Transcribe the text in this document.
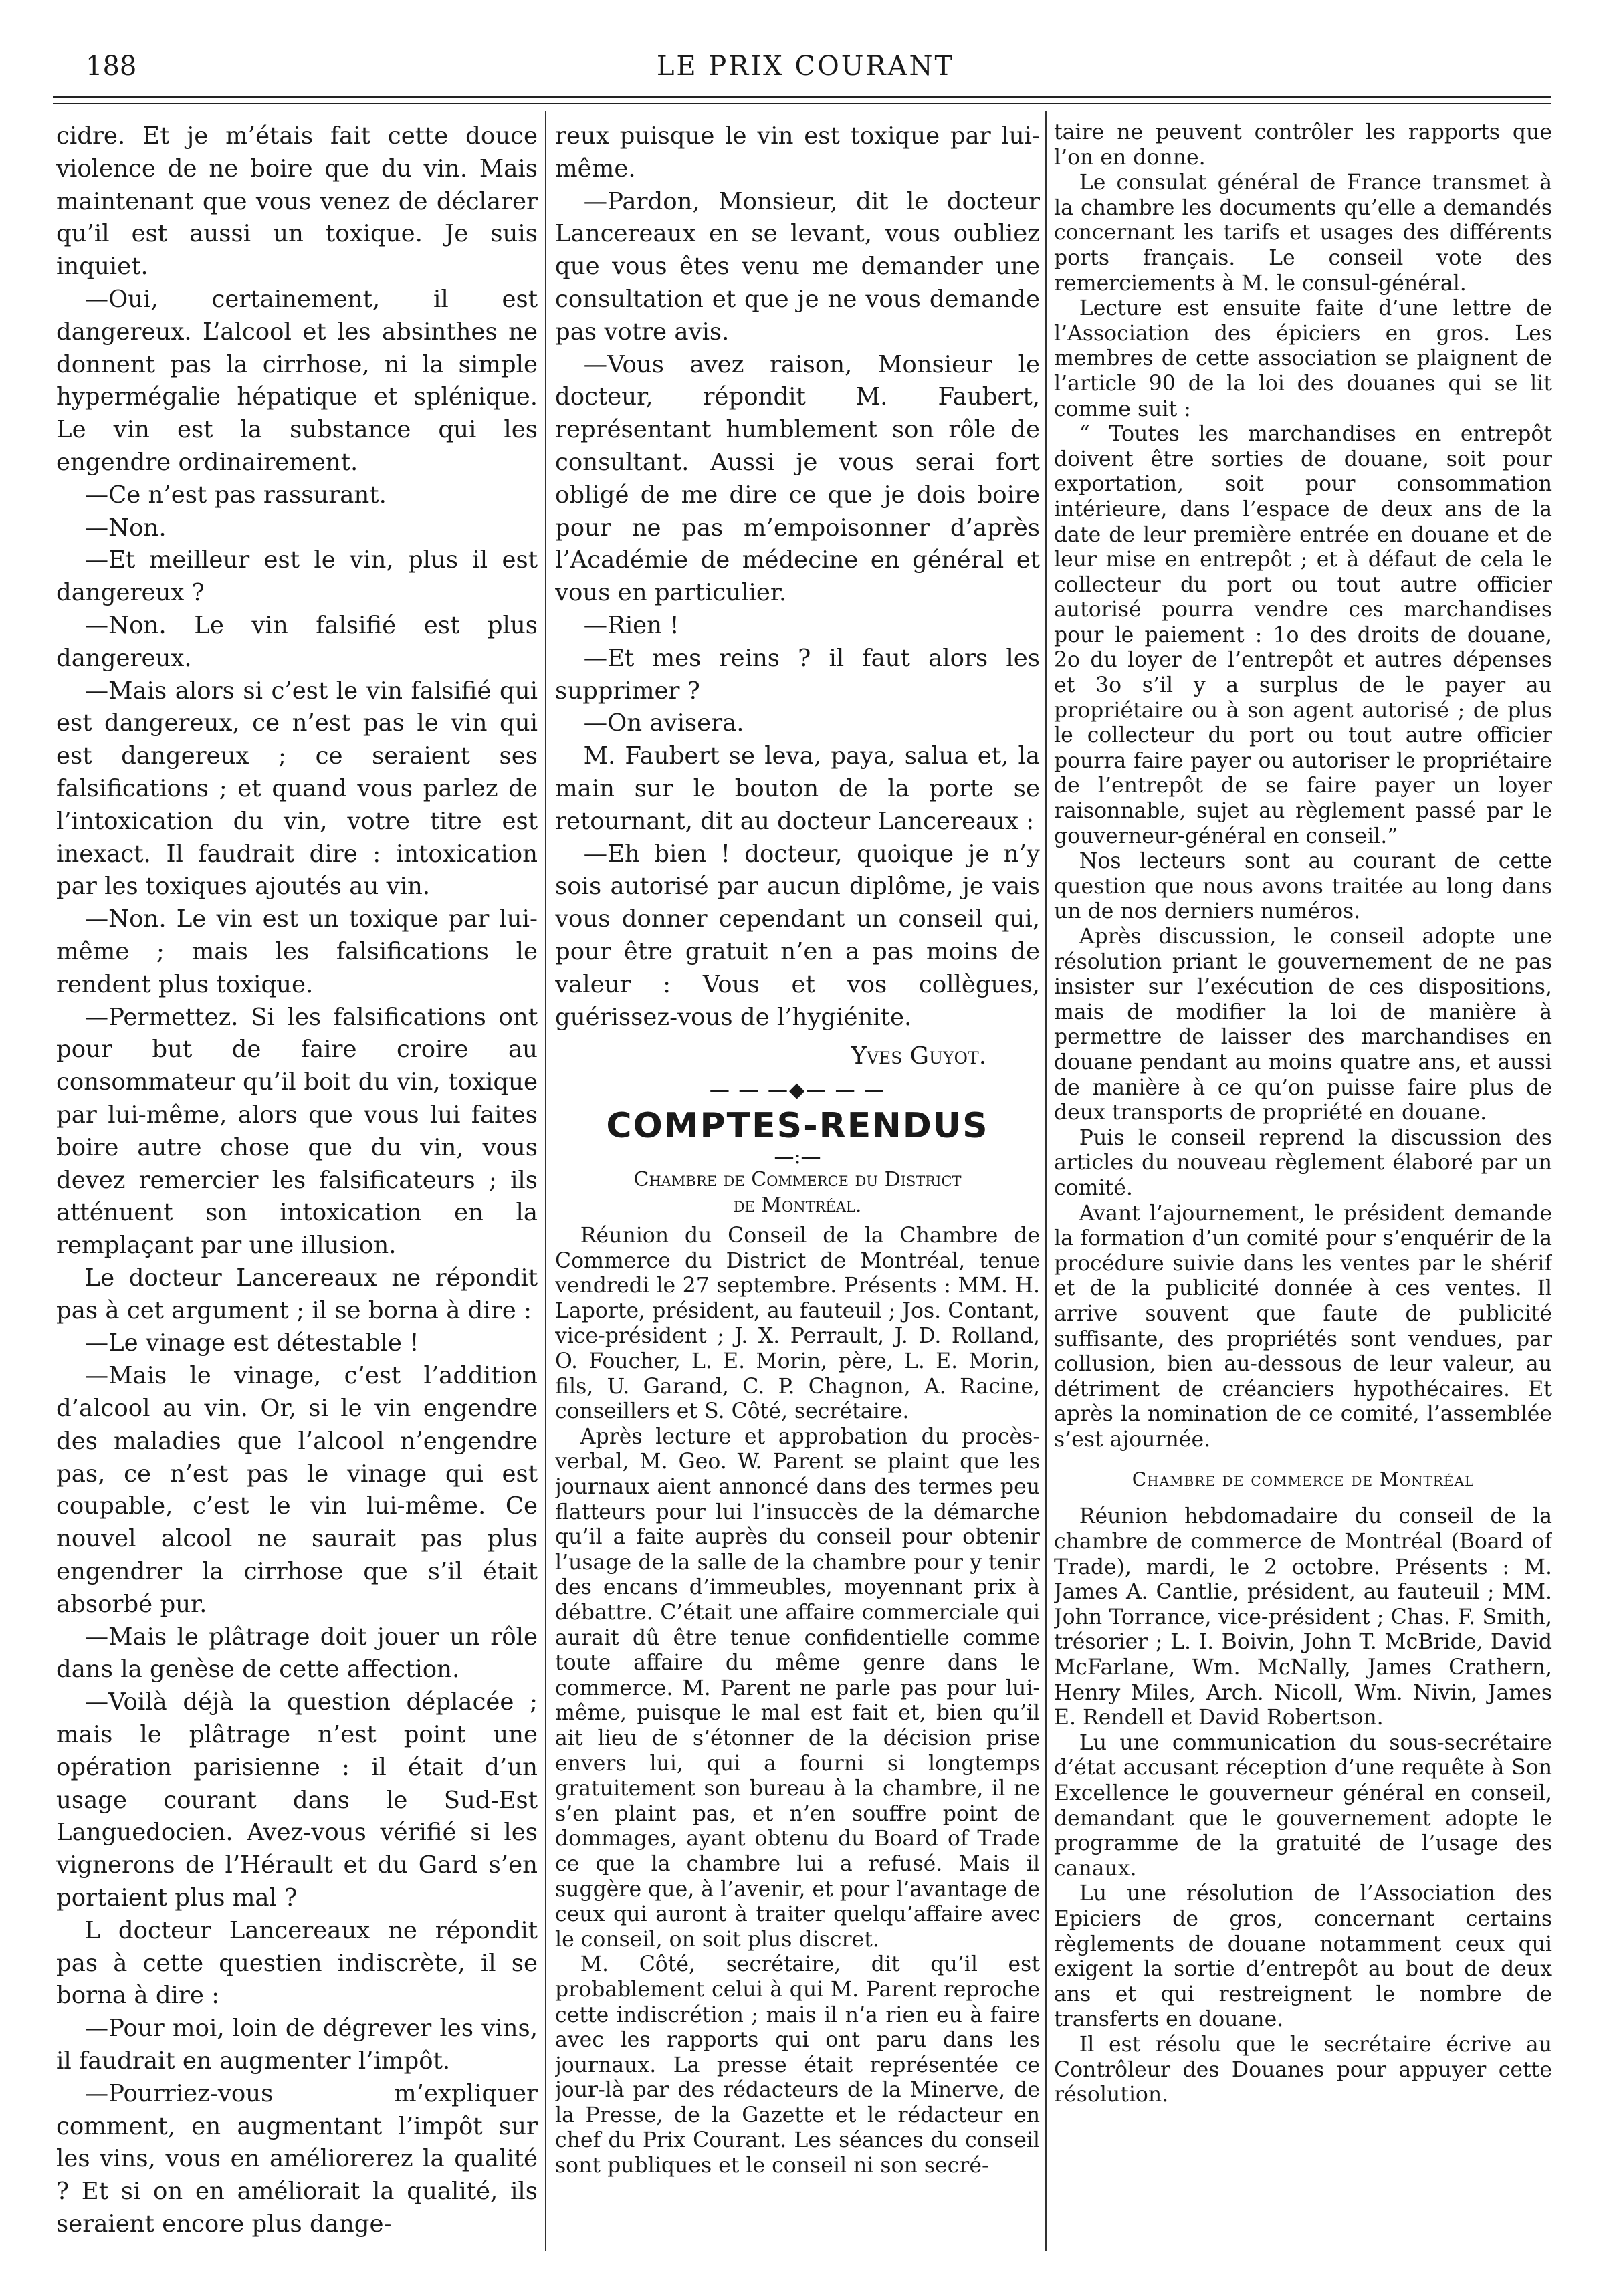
188	LE PRIX COURANT

cidre. Et je m’étais fait cette douce violence de ne boire que du vin. Mais maintenant que vous venez de déclarer qu’il est aussi un toxique. Je suis inquiet.

—Oui, certainement, il est dangereux. L’alcool et les absinthes ne donnent pas la cirrhose, ni la simple hypermégalie hépatique et splénique. Le vin est la substance qui les engendre ordinairement.

—Ce n’est pas rassurant.

—Non.

—Et meilleur est le vin, plus il est dangereux ?

—Non. Le vin falsifié est plus dangereux.

—Mais alors si c’est le vin falsifié qui est dangereux, ce n’est pas le vin qui est dangereux ; ce seraient ses falsifications ; et quand vous parlez de l’intoxication du vin, votre titre est inexact. Il faudrait dire : intoxication par les toxiques ajoutés au vin.

—Non. Le vin est un toxique par lui-même ; mais les falsifications le rendent plus toxique.

—Permettez. Si les falsifications ont pour but de faire croire au consommateur qu’il boit du vin, toxique par lui-même, alors que vous lui faites boire autre chose que du vin, vous devez remercier les falsificateurs ; ils atténuent son intoxication en la remplaçant par une illusion.

Le docteur Lancereaux ne répondit pas à cet argument ; il se borna à dire :

—Le vinage est détestable !

—Mais le vinage, c’est l’addition d’alcool au vin. Or, si le vin engendre des maladies que l’alcool n’engendre pas, ce n’est pas le vinage qui est coupable, c’est le vin lui-même. Ce nouvel alcool ne saurait pas plus engendrer la cirrhose que s’il était absorbé pur.

—Mais le plâtrage doit jouer un rôle dans la genèse de cette affection.

—Voilà déjà la question déplacée ; mais le plâtrage n’est point une opération parisienne : il était d’un usage courant dans le Sud-Est Languedocien. Avez-vous vérifié si les vignerons de l’Hérault et du Gard s’en portaient plus mal ?

L docteur Lancereaux ne répondit pas à cette questien indiscrète, il se borna à dire :

—Pour moi, loin de dégrever les vins, il faudrait en augmenter l’impôt.

—Pourriez-vous m’expliquer comment, en augmentant l’impôt sur les vins, vous en améliorerez la qualité ? Et si on en améliorait la qualité, ils seraient encore plus dange-

reux puisque le vin est toxique par lui-même.

—Pardon, Monsieur, dit le docteur Lancereaux en se levant, vous oubliez que vous êtes venu me demander une consultation et que je ne vous demande pas votre avis.

—Vous avez raison, Monsieur le docteur, répondit M. Faubert, représentant humblement son rôle de consultant. Aussi je vous serai fort obligé de me dire ce que je dois boire pour ne pas m’empoisonner d’après l’Académie de médecine en général et vous en particulier.

—Rien !

—Et mes reins ? il faut alors les supprimer ?

—On avisera.

M. Faubert se leva, paya, salua et, la main sur le bouton de la porte se retournant, dit au docteur Lancereaux :

—Eh bien ! docteur, quoique je n’y sois autorisé par aucun diplôme, je vais vous donner cependant un conseil qui, pour être gratuit n’en a pas moins de valeur : Vous et vos collègues, guérissez-vous de l’hygiénite.

Yves Guyot.
— — —◆— — —
COMPTES-RENDUS
—:—
Chambre de Commerce du District
de Montréal.

Réunion du Conseil de la Chambre de Commerce du District de Montréal, tenue vendredi le 27 septembre. Présents : MM. H. Laporte, président, au fauteuil ; Jos. Contant, vice-président ; J. X. Perrault, J. D. Rolland, O. Foucher, L. E. Morin, père, L. E. Morin, fils, U. Garand, C. P. Chagnon, A. Racine, conseillers et S. Côté, secrétaire.

Après lecture et approbation du procès-verbal, M. Geo. W. Parent se plaint que les journaux aient annoncé dans des termes peu flatteurs pour lui l’insuccès de la démarche qu’il a faite auprès du conseil pour obtenir l’usage de la salle de la chambre pour y tenir des encans d’immeubles, moyennant prix à débattre. C’était une affaire commerciale qui aurait dû être tenue confidentielle comme toute affaire du même genre dans le commerce. M. Parent ne parle pas pour lui-même, puisque le mal est fait et, bien qu’il ait lieu de s’étonner de la décision prise envers lui, qui a fourni si longtemps gratuitement son bureau à la chambre, il ne s’en plaint pas, et n’en souffre point de dommages, ayant obtenu du Board of Trade ce que la chambre lui a refusé. Mais il suggère que, à l’avenir, et pour l’avantage de ceux qui auront à traiter quelqu’affaire avec le conseil, on soit plus discret.

M. Côté, secrétaire, dit qu’il est probablement celui à qui M. Parent reproche cette indiscrétion ; mais il n’a rien eu à faire avec les rapports qui ont paru dans les journaux. La presse était représentée ce jour-là par des rédacteurs de la Minerve, de la Presse, de la Gazette et le rédacteur en chef du Prix Courant. Les séances du conseil sont publiques et le conseil ni son secré-

taire ne peuvent contrôler les rapports que l’on en donne.

Le consulat général de France transmet à la chambre les documents qu’elle a demandés concernant les tarifs et usages des différents ports français. Le conseil vote des remerciements à M. le consul-général.

Lecture est ensuite faite d’une lettre de l’Association des épiciers en gros. Les membres de cette association se plaignent de l’article 90 de la loi des douanes qui se lit comme suit :

“ Toutes les marchandises en entrepôt doivent être sorties de douane, soit pour exportation, soit pour consommation intérieure, dans l’espace de deux ans de la date de leur première entrée en douane et de leur mise en entrepôt ; et à défaut de cela le collecteur du port ou tout autre officier autorisé pourra vendre ces marchandises pour le paiement : 1o des droits de douane, 2o du loyer de l’entrepôt et autres dépenses et 3o s’il y a surplus de le payer au propriétaire ou à son agent autorisé ; de plus le collecteur du port ou tout autre officier pourra faire payer ou autoriser le propriétaire de l’entrepôt de se faire payer un loyer raisonnable, sujet au règlement passé par le gouverneur-général en conseil.”

Nos lecteurs sont au courant de cette question que nous avons traitée au long dans un de nos derniers numéros.

Après discussion, le conseil adopte une résolution priant le gouvernement de ne pas insister sur l’exécution de ces dispositions, mais de modifier la loi de manière à permettre de laisser des marchandises en douane pendant au moins quatre ans, et aussi de manière à ce qu’on puisse faire plus de deux transports de propriété en douane.

Puis le conseil reprend la discussion des articles du nouveau règlement élaboré par un comité.

Avant l’ajournement, le président demande la formation d’un comité pour s’enquérir de la procédure suivie dans les ventes par le shérif et de la publicité donnée à ces ventes. Il arrive souvent que faute de publicité suffisante, des propriétés sont vendues, par collusion, bien au-dessous de leur valeur, au détriment de créanciers hypothécaires. Et après la nomination de ce comité, l’assemblée s’est ajournée.

Chambre de commerce de Montréal

Réunion hebdomadaire du conseil de la chambre de commerce de Montréal (Board of Trade), mardi, le 2 octobre. Présents : M. James A. Cantlie, président, au fauteuil ; MM. John Torrance, vice-président ; Chas. F. Smith, trésorier ; L. I. Boivin, John T. McBride, David McFarlane, Wm. McNally, James Crathern, Henry Miles, Arch. Nicoll, Wm. Nivin, James E. Rendell et David Robertson.

Lu une communication du sous-secrétaire d’état accusant réception d’une requête à Son Excellence le gouverneur général en conseil, demandant que le gouvernement adopte le programme de la gratuité de l’usage des canaux.

Lu une résolution de l’Association des Epiciers de gros, concernant certains règlements de douane notamment ceux qui exigent la sortie d’entrepôt au bout de deux ans et qui restreignent le nombre de transferts en douane.

Il est résolu que le secrétaire écrive au Contrôleur des Douanes pour appuyer cette résolution.
